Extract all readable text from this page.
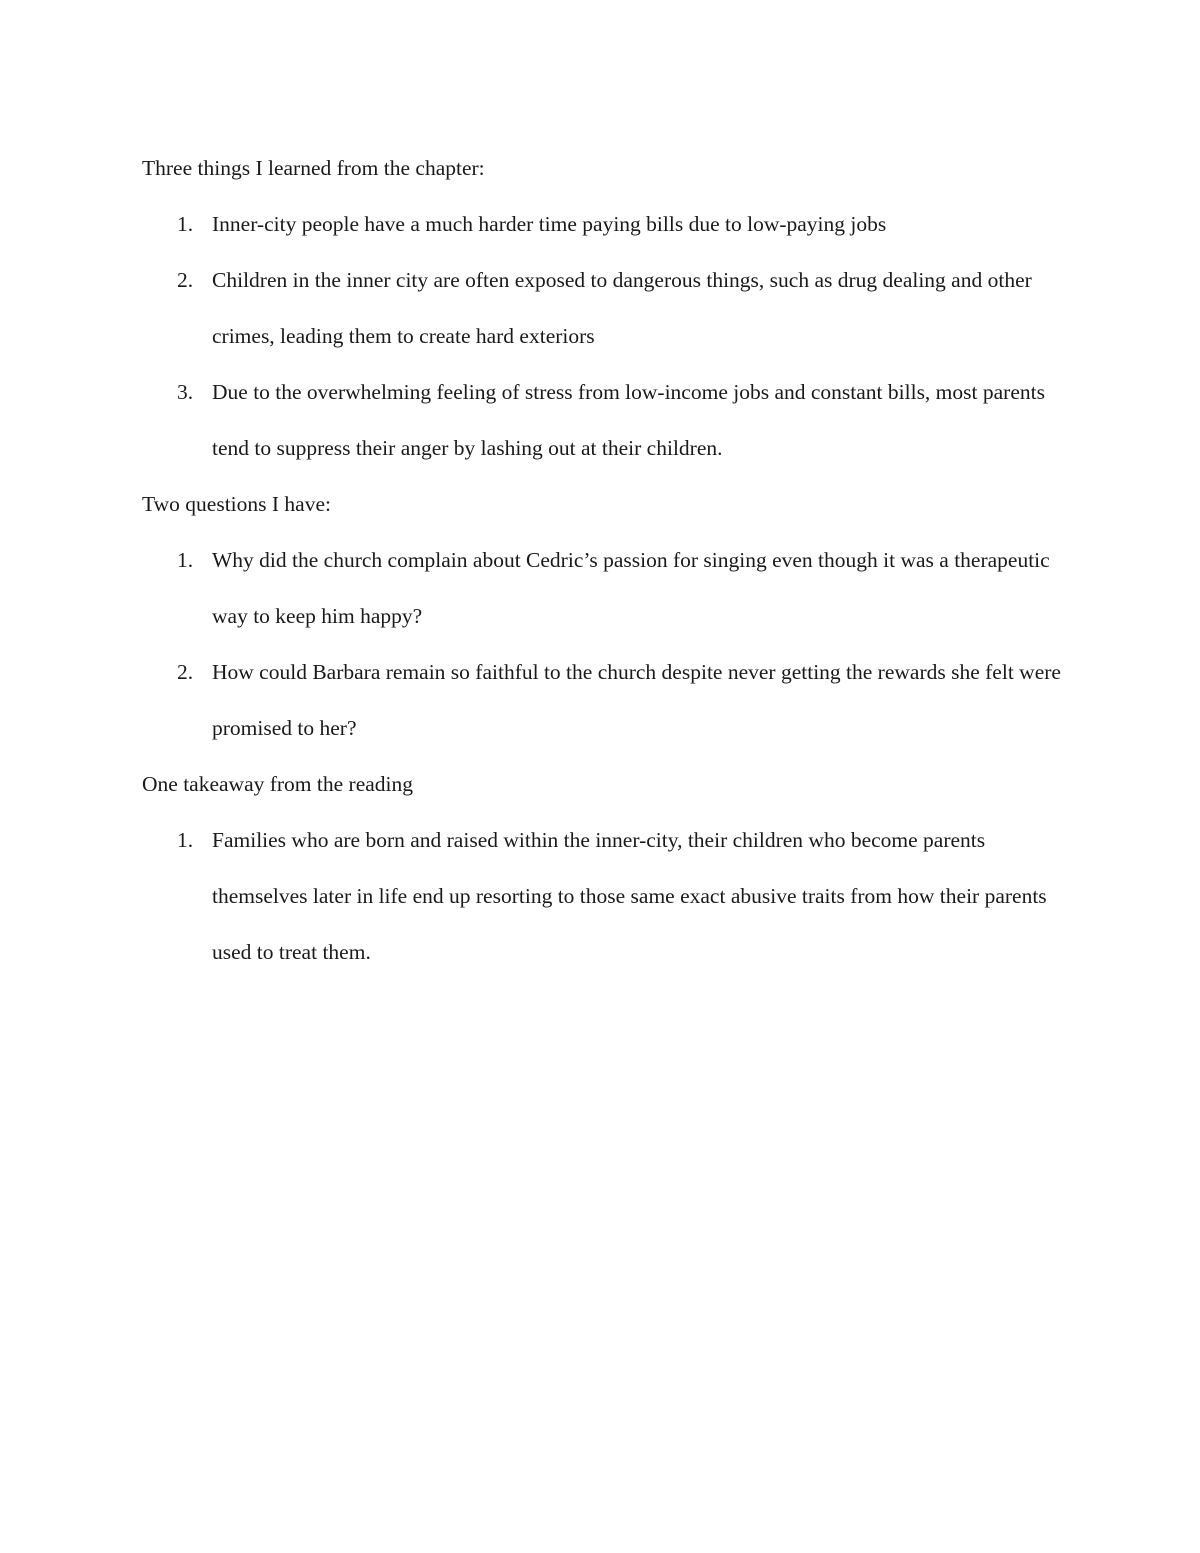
Three things I learned from the chapter:

1. Inner-city people have a much harder time paying bills due to low-paying jobs
2. Children in the inner city are often exposed to dangerous things, such as drug dealing and other crimes, leading them to create hard exteriors
3. Due to the overwhelming feeling of stress from low-income jobs and constant bills, most parents tend to suppress their anger by lashing out at their children.

Two questions I have:

1. Why did the church complain about Cedric’s passion for singing even though it was a therapeutic way to keep him happy?
2. How could Barbara remain so faithful to the church despite never getting the rewards she felt were promised to her?

One takeaway from the reading

1. Families who are born and raised within the inner-city, their children who become parents themselves later in life end up resorting to those same exact abusive traits from how their parents used to treat them.
